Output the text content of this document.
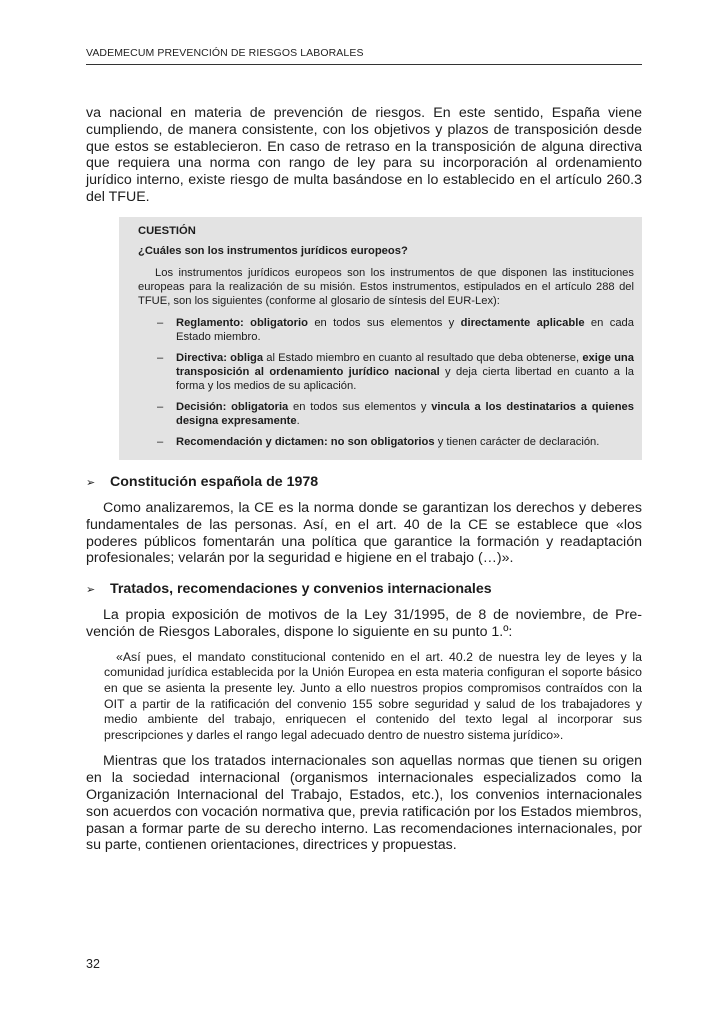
VADEMECUM PREVENCIÓN DE RIESGOS LABORALES

va nacional en materia de prevención de riesgos. En este sentido, España viene cumpliendo, de manera consistente, con los objetivos y plazos de transposición desde que estos se establecieron. En caso de retraso en la transposición de alguna directiva que requiera una norma con rango de ley para su incorporación al ordenamiento jurídico interno, existe riesgo de multa basándose en lo establecido en el artículo 260.3 del TFUE.

CUESTIÓN

¿Cuáles son los instrumentos jurídicos europeos?

Los instrumentos jurídicos europeos son los instrumentos de que disponen las instituciones europeas para la realización de su misión. Estos instrumentos, estipulados en el artículo 288 del TFUE, son los siguientes (conforme al glosario de síntesis del EUR-Lex):

– Reglamento: obligatorio en todos sus elementos y directamente aplicable en cada Estado miembro.
– Directiva: obliga al Estado miembro en cuanto al resultado que deba obtenerse, exige una transposición al ordenamiento jurídico nacional y deja cierta libertad en cuanto a la forma y los medios de su aplicación.
– Decisión: obligatoria en todos sus elementos y vincula a los destinatarios a quienes designa expresamente.
– Recomendación y dictamen: no son obligatorios y tienen carácter de declaración.
➢	Constitución española de 1978

Como analizaremos, la CE es la norma donde se garantizan los derechos y deberes fundamentales de las personas. Así, en el art. 40 de la CE se establece que «los poderes públicos fomentarán una política que garantice la formación y readaptación profesionales; velarán por la seguridad e higiene en el trabajo (…)».

➢	Tratados, recomendaciones y convenios internacionales

La propia exposición de motivos de la Ley 31/1995, de 8 de noviembre, de Prevención de Riesgos Laborales, dispone lo siguiente en su punto 1.º:

«Así pues, el mandato constitucional contenido en el art. 40.2 de nuestra ley de leyes y la comunidad jurídica establecida por la Unión Europea en esta materia configuran el soporte básico en que se asienta la presente ley. Junto a ello nuestros propios compromisos contraídos con la OIT a partir de la ratificación del convenio 155 sobre seguridad y salud de los trabajadores y medio ambiente del trabajo, enriquecen el contenido del texto legal al incorporar sus prescripciones y darles el rango legal adecuado dentro de nuestro sistema jurídico».

Mientras que los tratados internacionales son aquellas normas que tienen su origen en la sociedad internacional (organismos internacionales especializados como la Organización Internacional del Trabajo, Estados, etc.), los convenios internacionales son acuerdos con vocación normativa que, previa ratificación por los Estados miembros, pasan a formar parte de su derecho interno. Las recomendaciones internacionales, por su parte, contienen orientaciones, directrices y propuestas.

32
